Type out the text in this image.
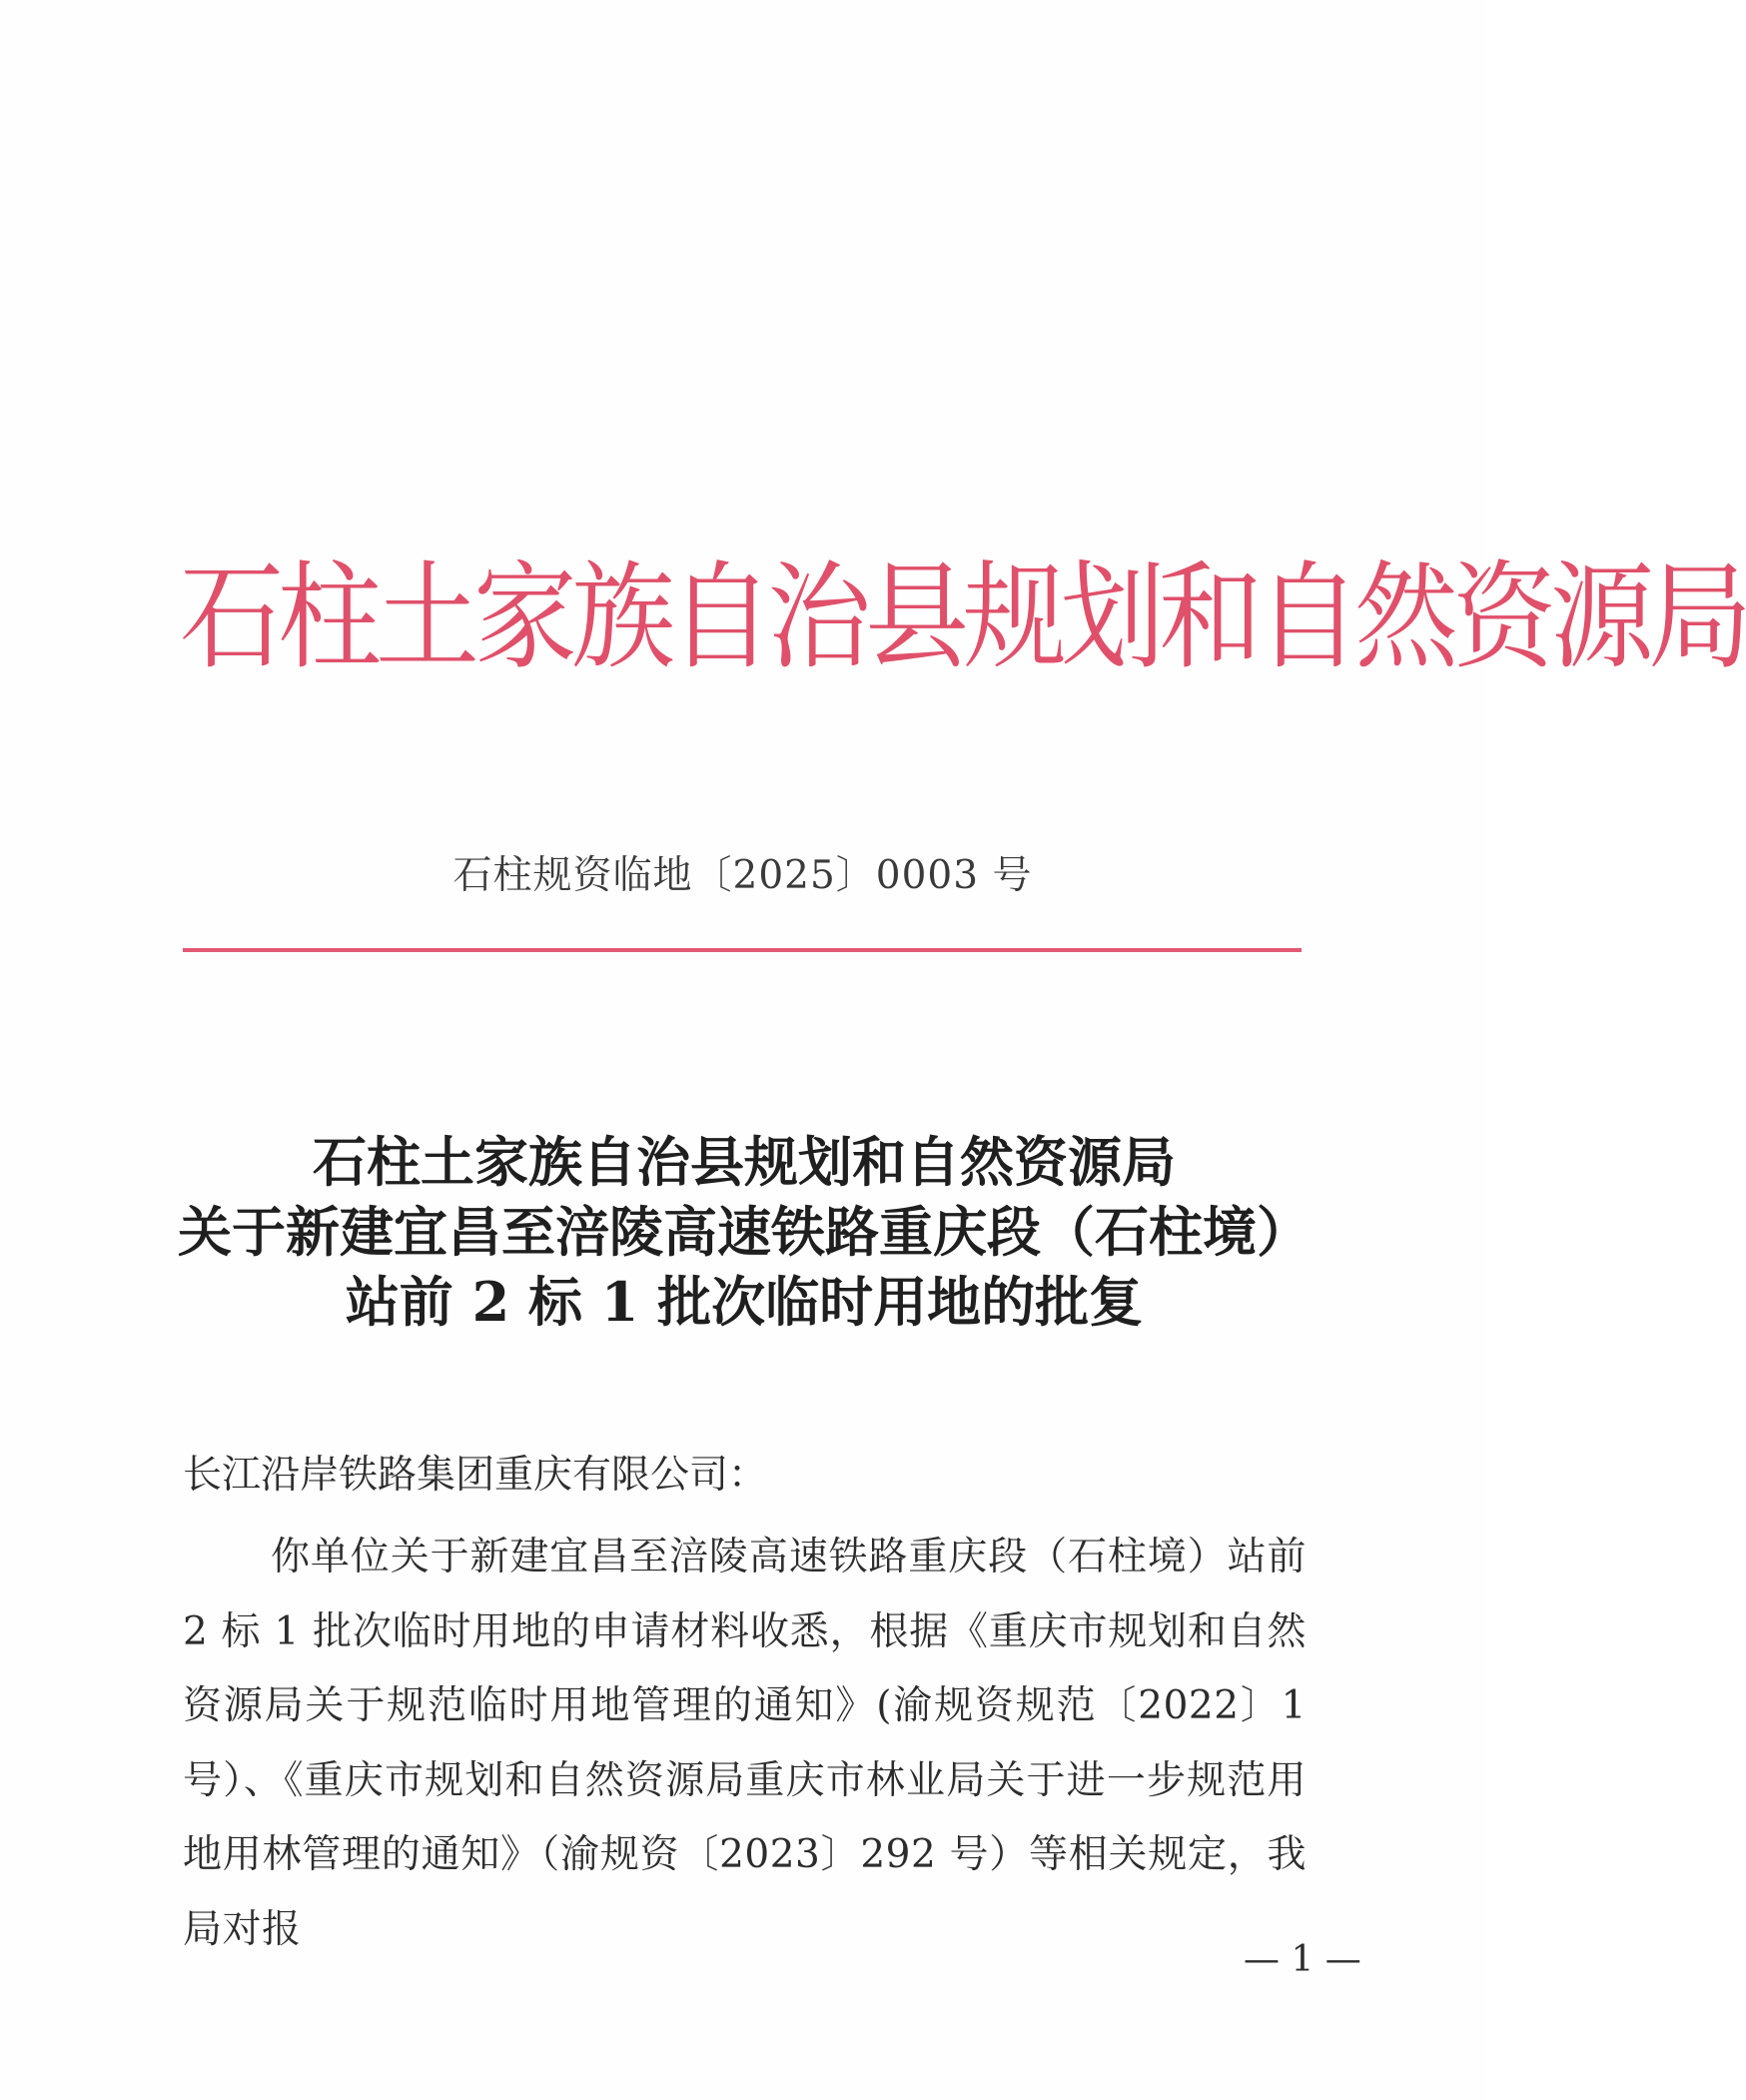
石柱土家族自治县规划和自然资源局
石柱规资临地〔2025〕0003 号
石柱土家族自治县规划和自然资源局
关于新建宜昌至涪陵高速铁路重庆段（石柱境）
站前 2 标 1 批次临时用地的批复
长江沿岸铁路集团重庆有限公司：
你单位关于新建宜昌至涪陵高速铁路重庆段（石柱境）站前 2 标 1 批次临时用地的申请材料收悉，根据《重庆市规划和自然资源局关于规范临时用地管理的通知》(渝规资规范〔2022〕1 号）、《重庆市规划和自然资源局重庆市林业局关于进一步规范用地用林管理的通知》（渝规资〔2023〕292 号）等相关规定，我局对报
— 1 —
